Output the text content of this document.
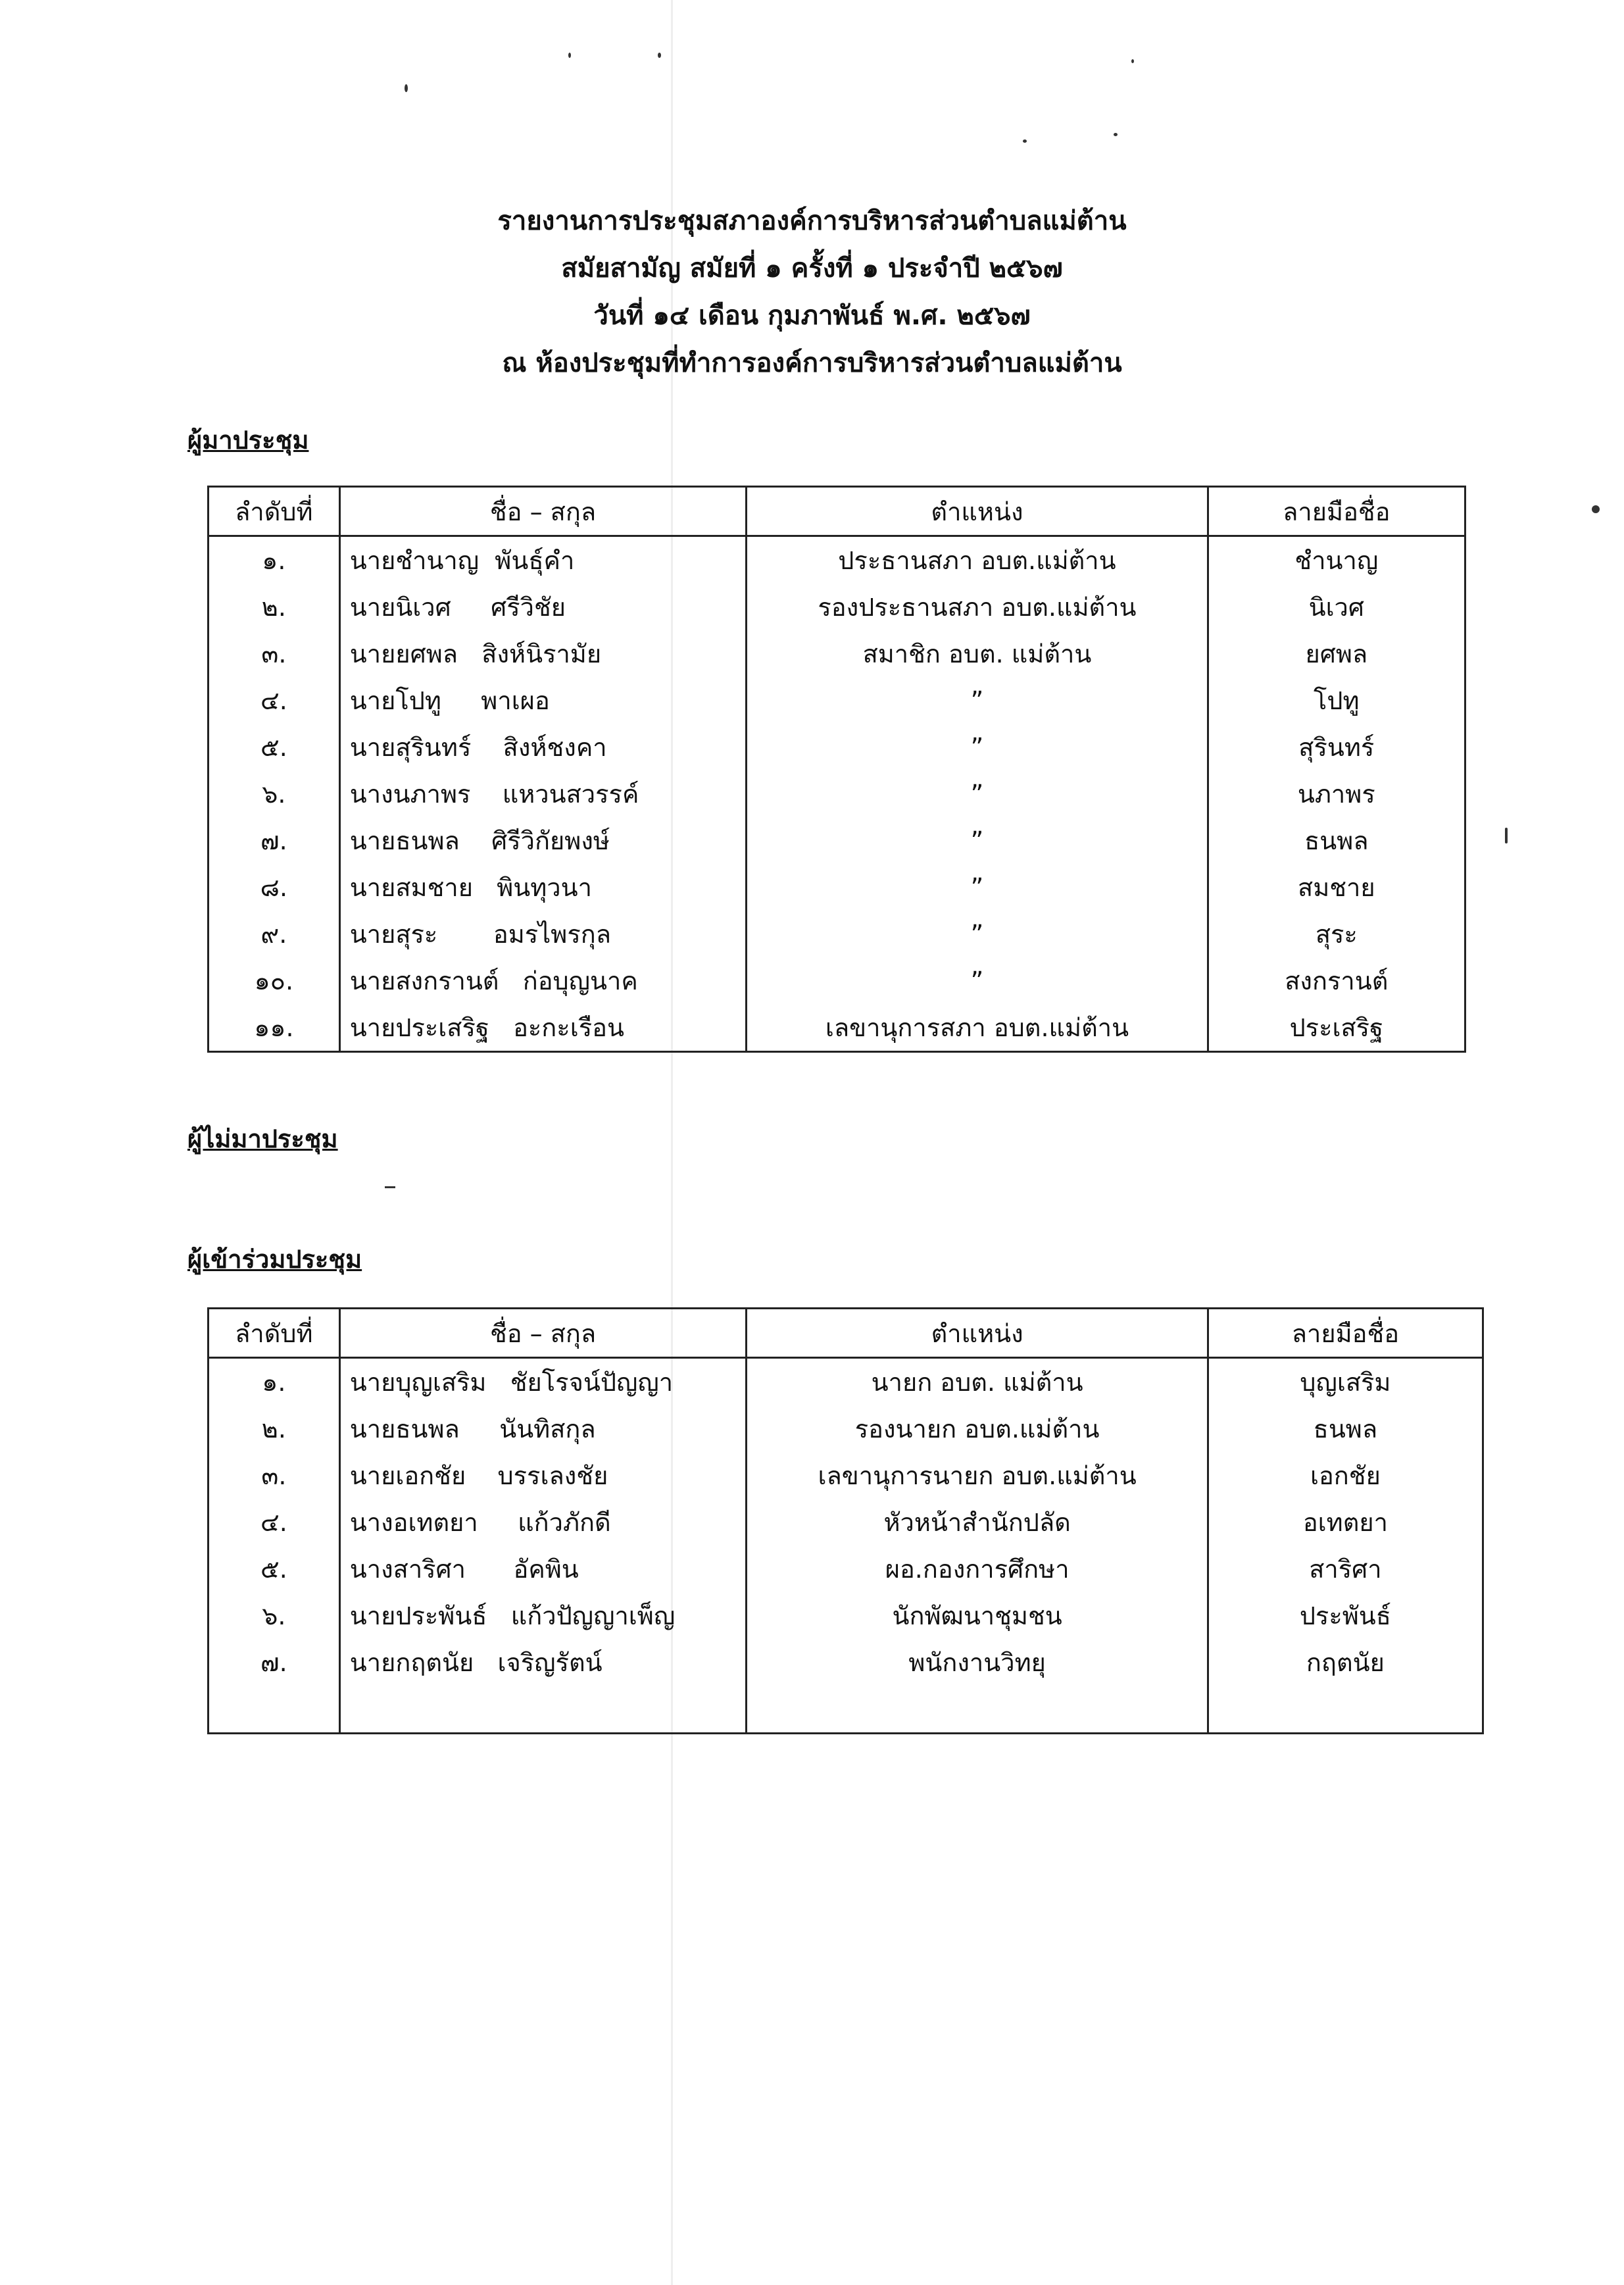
รายงานการประชุมสภาองค์การบริหารส่วนตำบลแม่ต้าน
สมัยสามัญ สมัยที่ ๑ ครั้งที่ ๑ ประจำปี ๒๕๖๗
วันที่ ๑๔ เดือน กุมภาพันธ์ พ.ศ. ๒๕๖๗
ณ ห้องประชุมที่ทำการองค์การบริหารส่วนตำบลแม่ต้าน
ผู้มาประชุม
ลำดับที่	ชื่อ – สกุล	ตำแหน่ง	ลายมือชื่อ
๑.	นายชำนาญ  พันธุ์คำ	ประธานสภา อบต.แม่ต้าน	ชำนาญ
๒.	นายนิเวศ     ศรีวิชัย	รองประธานสภา อบต.แม่ต้าน	นิเวศ
๓.	นายยศพล   สิงห์นิรามัย	สมาชิก อบต. แม่ต้าน	ยศพล
๔.	นายโปทู     พาเผอ	”	โปทู
๕.	นายสุรินทร์    สิงห์ชงคา	”	สุรินทร์
๖.	นางนภาพร    แหวนสวรรค์	”	นภาพร
๗.	นายธนพล    ศิรีวิกัยพงษ์	”	ธนพล
๘.	นายสมชาย   พินทุวนา	”	สมชาย
๙.	นายสุระ       อมรไพรกุล	”	สุระ
๑๐.	นายสงกรานต์   ก่อบุญนาค	”	สงกรานต์
๑๑.	นายประเสริฐ   อะกะเรือน	เลขานุการสภา อบต.แม่ต้าน	ประเสริฐ
ผู้ไม่มาประชุม
ผู้เข้าร่วมประชุม
ลำดับที่	ชื่อ – สกุล	ตำแหน่ง	ลายมือชื่อ
๑.	นายบุญเสริม   ชัยโรจน์ปัญญา	นายก อบต. แม่ต้าน	บุญเสริม
๒.	นายธนพล     นันทิสกุล	รองนายก อบต.แม่ต้าน	ธนพล
๓.	นายเอกชัย    บรรเลงชัย	เลขานุการนายก อบต.แม่ต้าน	เอกชัย
๔.	นางอเทตยา     แก้วภักดี	หัวหน้าสำนักปลัด	อเทตยา
๕.	นางสาริศา      อัคพิน	ผอ.กองการศึกษา	สาริศา
๖.	นายประพันธ์   แก้วปัญญาเพ็ญ	นักพัฒนาชุมชน	ประพันธ์
๗.	นายกฤตนัย   เจริญรัตน์	พนักงานวิทยุ	กฤตนัย
